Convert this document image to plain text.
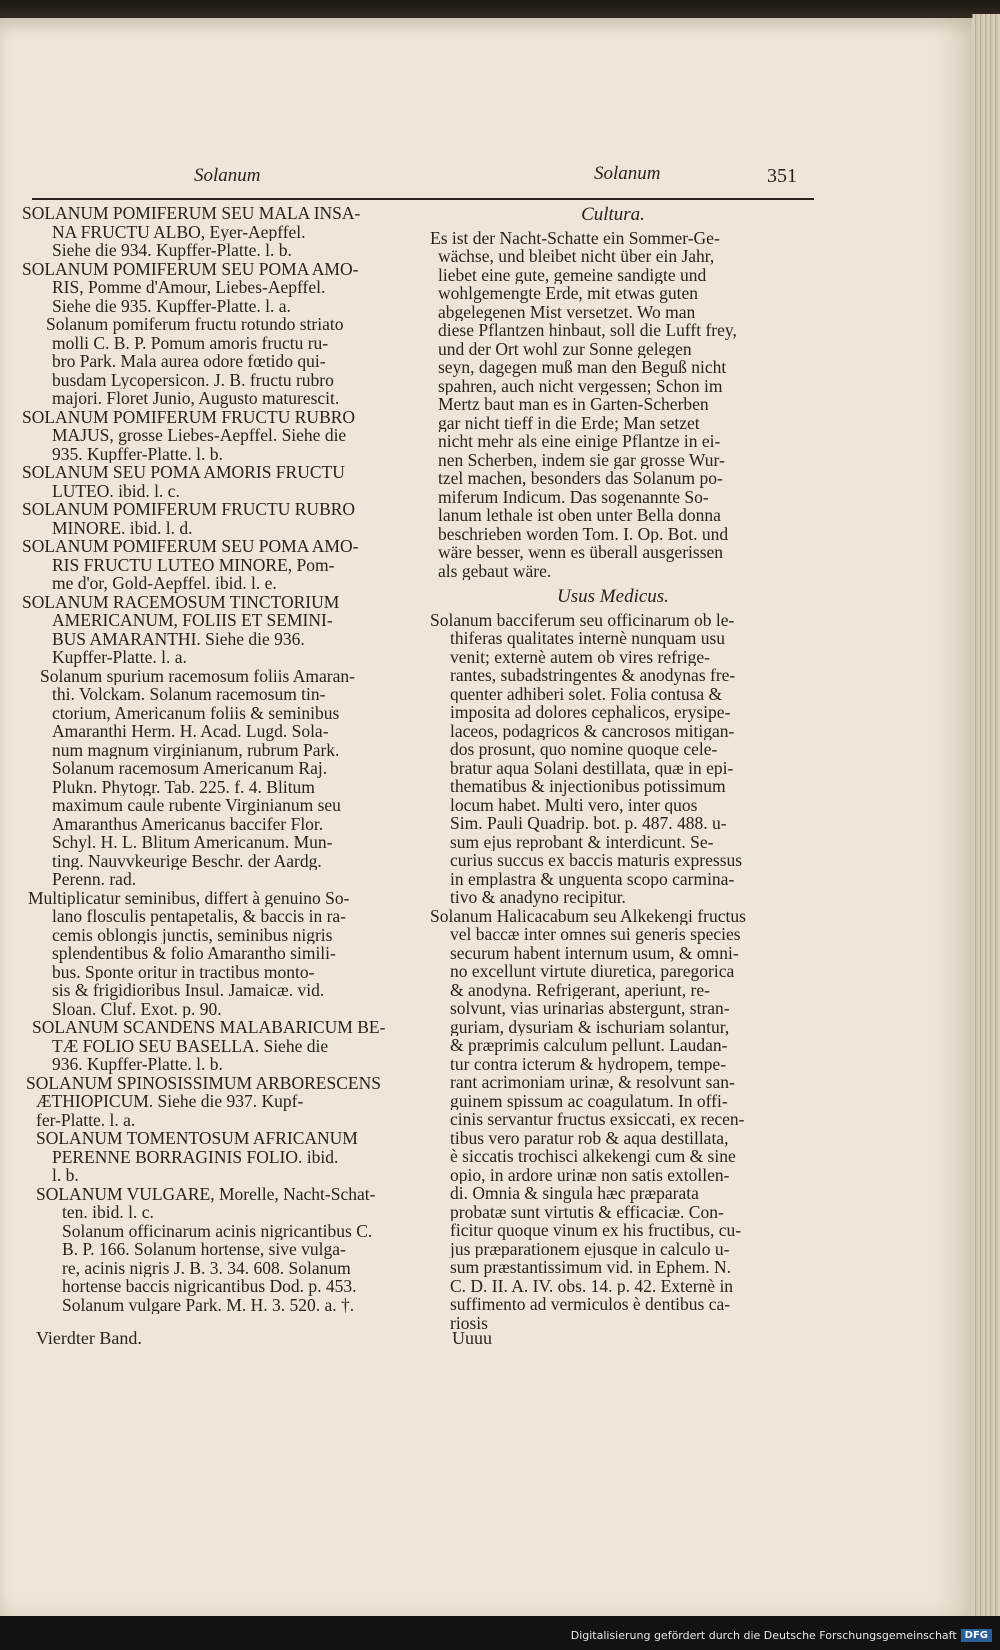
Solanum	Solanum	351
SOLANUM POMIFERUM SEU MALA INSA-
NA FRUCTU ALBO, Eyer-Aepffel.
Siehe die 934. Kupffer-Platte. l. b.
SOLANUM POMIFERUM SEU POMA AMO-
RIS, Pomme d'Amour, Liebes-Aepffel.
Siehe die 935. Kupffer-Platte. l. a.
Solanum pomiferum fructu rotundo striato
molli C. B. P. Pomum amoris fructu ru-
bro Park. Mala aurea odore fœtido qui-
busdam Lycopersicon. J. B. fructu rubro
majori. Floret Junio, Augusto maturescit.
SOLANUM POMIFERUM FRUCTU RUBRO
MAJUS, grosse Liebes-Aepffel. Siehe die
935. Kupffer-Platte. l. b.
SOLANUM SEU POMA AMORIS FRUCTU
LUTEO. ibid. l. c.
SOLANUM POMIFERUM FRUCTU RUBRO
MINORE. ibid. l. d.
SOLANUM POMIFERUM SEU POMA AMO-
RIS FRUCTU LUTEO MINORE, Pom-
me d'or, Gold-Aepffel. ibid. l. e.
SOLANUM RACEMOSUM TINCTORIUM
AMERICANUM, FOLIIS ET SEMINI-
BUS AMARANTHI. Siehe die 936.
Kupffer-Platte. l. a.
Solanum spurium racemosum foliis Amaran-
thi. Volckam. Solanum racemosum tin-
ctorium, Americanum foliis & seminibus
Amaranthi Herm. H. Acad. Lugd. Sola-
num magnum virginianum, rubrum Park.
Solanum racemosum Americanum Raj.
Plukn. Phytogr. Tab. 225. f. 4. Blitum
maximum caule rubente Virginianum seu
Amaranthus Americanus baccifer Flor.
Schyl. H. L. Blitum Americanum. Mun-
ting. Nauvvkeurige Beschr. der Aardg.
Perenn. rad.
Multiplicatur seminibus, differt à genuino So-
lano flosculis pentapetalis, & baccis in ra-
cemis oblongis junctis, seminibus nigris
splendentibus & folio Amarantho simili-
bus. Sponte oritur in tractibus monto-
sis & frigidioribus Insul. Jamaicæ. vid.
Sloan. Cluf. Exot. p. 90.
SOLANUM SCANDENS MALABARICUM BE-
TÆ FOLIO SEU BASELLA. Siehe die
936. Kupffer-Platte. l. b.
SOLANUM SPINOSISSIMUM ARBORESCENS
ÆTHIOPICUM. Siehe die 937. Kupf-
fer-Platte. l. a.
SOLANUM TOMENTOSUM AFRICANUM
PERENNE BORRAGINIS FOLIO. ibid.
l. b.
SOLANUM VULGARE, Morelle, Nacht-Schat-
ten. ibid. l. c.
Solanum officinarum acinis nigricantibus C.
B. P. 166. Solanum hortense, sive vulga-
re, acinis nigris J. B. 3. 34. 608. Solanum
hortense baccis nigricantibus Dod. p. 453.
Solanum vulgare Park. M. H. 3. 520. a. †.
Cultura.
Es ist der Nacht-Schatte ein Sommer-Ge-
wächse, und bleibet nicht über ein Jahr,
liebet eine gute, gemeine sandigte und
wohlgemengte Erde, mit etwas guten
abgelegenen Mist versetzet. Wo man
diese Pflantzen hinbaut, soll die Lufft frey,
und der Ort wohl zur Sonne gelegen
seyn, dagegen muß man den Beguß nicht
spahren, auch nicht vergessen; Schon im
Mertz baut man es in Garten-Scherben
gar nicht tieff in die Erde; Man setzet
nicht mehr als eine einige Pflantze in ei-
nen Scherben, indem sie gar grosse Wur-
tzel machen, besonders das Solanum po-
miferum Indicum. Das sogenannte So-
lanum lethale ist oben unter Bella donna
beschrieben worden Tom. I. Op. Bot. und
wäre besser, wenn es überall ausgerissen
als gebaut wäre.
Usus Medicus.
Solanum bacciferum seu officinarum ob le-
thiferas qualitates internè nunquam usu
venit; externè autem ob vires refrige-
rantes, subadstringentes & anodynas fre-
quenter adhiberi solet. Folia contusa &
imposita ad dolores cephalicos, erysipe-
laceos, podagricos & cancrosos mitigan-
dos prosunt, quo nomine quoque cele-
bratur aqua Solani destillata, quæ in epi-
thematibus & injectionibus potissimum
locum habet. Multi vero, inter quos
Sim. Pauli Quadrip. bot. p. 487. 488. u-
sum ejus reprobant & interdicunt. Se-
curius succus ex baccis maturis expressus
in emplastra & unguenta scopo carmina-
tivo & anadyno recipitur.
Solanum Halicacabum seu Alkekengi fructus
vel baccæ inter omnes sui generis species
securum habent internum usum, & omni-
no excellunt virtute diuretica, paregorica
& anodyna. Refrigerant, aperiunt, re-
solvunt, vias urinarias abstergunt, stran-
guriam, dysuriam & ischuriam solantur,
& præprimis calculum pellunt. Laudan-
tur contra icterum & hydropem, tempe-
rant acrimoniam urinæ, & resolvunt san-
guinem spissum ac coagulatum. In offi-
cinis servantur fructus exsiccati, ex recen-
tibus vero paratur rob & aqua destillata,
è siccatis trochisci alkekengi cum & sine
opio, in ardore urinæ non satis extollen-
di. Omnia & singula hæc præparata
probatæ sunt virtutis & efficaciæ. Con-
ficitur quoque vinum ex his fructibus, cu-
jus præparationem ejusque in calculo u-
sum præstantissimum vid. in Ephem. N.
C. D. II. A. IV. obs. 14. p. 42. Externè in
suffimento ad vermiculos è dentibus ca-
riosis
Vierdter Band.	Uuuu
Digitalisierung gefördert durch die Deutsche Forschungsgemeinschaft DFG
